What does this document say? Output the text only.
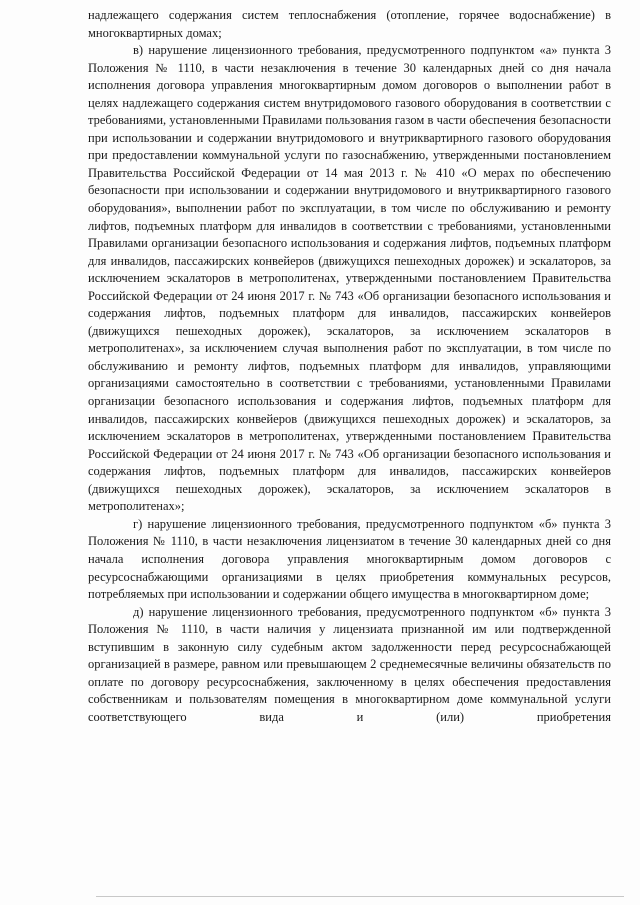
надлежащего содержания систем теплоснабжения (отопление, горячее водоснабжение) в многоквартирных домах;

в) нарушение лицензионного требования, предусмотренного подпунктом «а» пункта 3 Положения № 1110, в части незаключения в течение 30 календарных дней со дня начала исполнения договора управления многоквартирным домом договоров о выполнении работ в целях надлежащего содержания систем внутридомового газового оборудования в соответствии с требованиями, установленными Правилами пользования газом в части обеспечения безопасности при использовании и содержании внутридомового и внутриквартирного газового оборудования при предоставлении коммунальной услуги по газоснабжению, утвержденными постановлением Правительства Российской Федерации от 14 мая 2013 г. № 410 «О мерах по обеспечению безопасности при использовании и содержании внутридомового и внутриквартирного газового оборудования», выполнении работ по эксплуатации, в том числе по обслуживанию и ремонту лифтов, подъемных платформ для инвалидов в соответствии с требованиями, установленными Правилами организации безопасного использования и содержания лифтов, подъемных платформ для инвалидов, пассажирских конвейеров (движущихся пешеходных дорожек) и эскалаторов, за исключением эскалаторов в метрополитенах, утвержденными постановлением Правительства Российской Федерации от 24 июня 2017 г. № 743 «Об организации безопасного использования и содержания лифтов, подъемных платформ для инвалидов, пассажирских конвейеров (движущихся пешеходных дорожек), эскалаторов, за исключением эскалаторов в метрополитенах», за исключением случая выполнения работ по эксплуатации, в том числе по обслуживанию и ремонту лифтов, подъемных платформ для инвалидов, управляющими организациями самостоятельно в соответствии с требованиями, установленными Правилами организации безопасного использования и содержания лифтов, подъемных платформ для инвалидов, пассажирских конвейеров (движущихся пешеходных дорожек) и эскалаторов, за исключением эскалаторов в метрополитенах, утвержденными постановлением Правительства Российской Федерации от 24 июня 2017 г. № 743 «Об организации безопасного использования и содержания лифтов, подъемных платформ для инвалидов, пассажирских конвейеров (движущихся пешеходных дорожек), эскалаторов, за исключением эскалаторов в метрополитенах»;

г) нарушение лицензионного требования, предусмотренного подпунктом «б» пункта 3 Положения № 1110, в части незаключения лицензиатом в течение 30 календарных дней со дня начала исполнения договора управления многоквартирным домом договоров с ресурсоснабжающими организациями в целях приобретения коммунальных ресурсов, потребляемых при использовании и содержании общего имущества в многоквартирном доме;

д) нарушение лицензионного требования, предусмотренного подпунктом «б» пункта 3 Положения № 1110, в части наличия у лицензиата признанной им или подтвержденной вступившим в законную силу судебным актом задолженности перед ресурсоснабжающей организацией в размере, равном или превышающем 2 среднемесячные величины обязательств по оплате по договору ресурсоснабжения, заключенному в целях обеспечения предоставления собственникам и пользователям помещения в многоквартирном доме коммунальной услуги соответствующего вида и (или) приобретения
